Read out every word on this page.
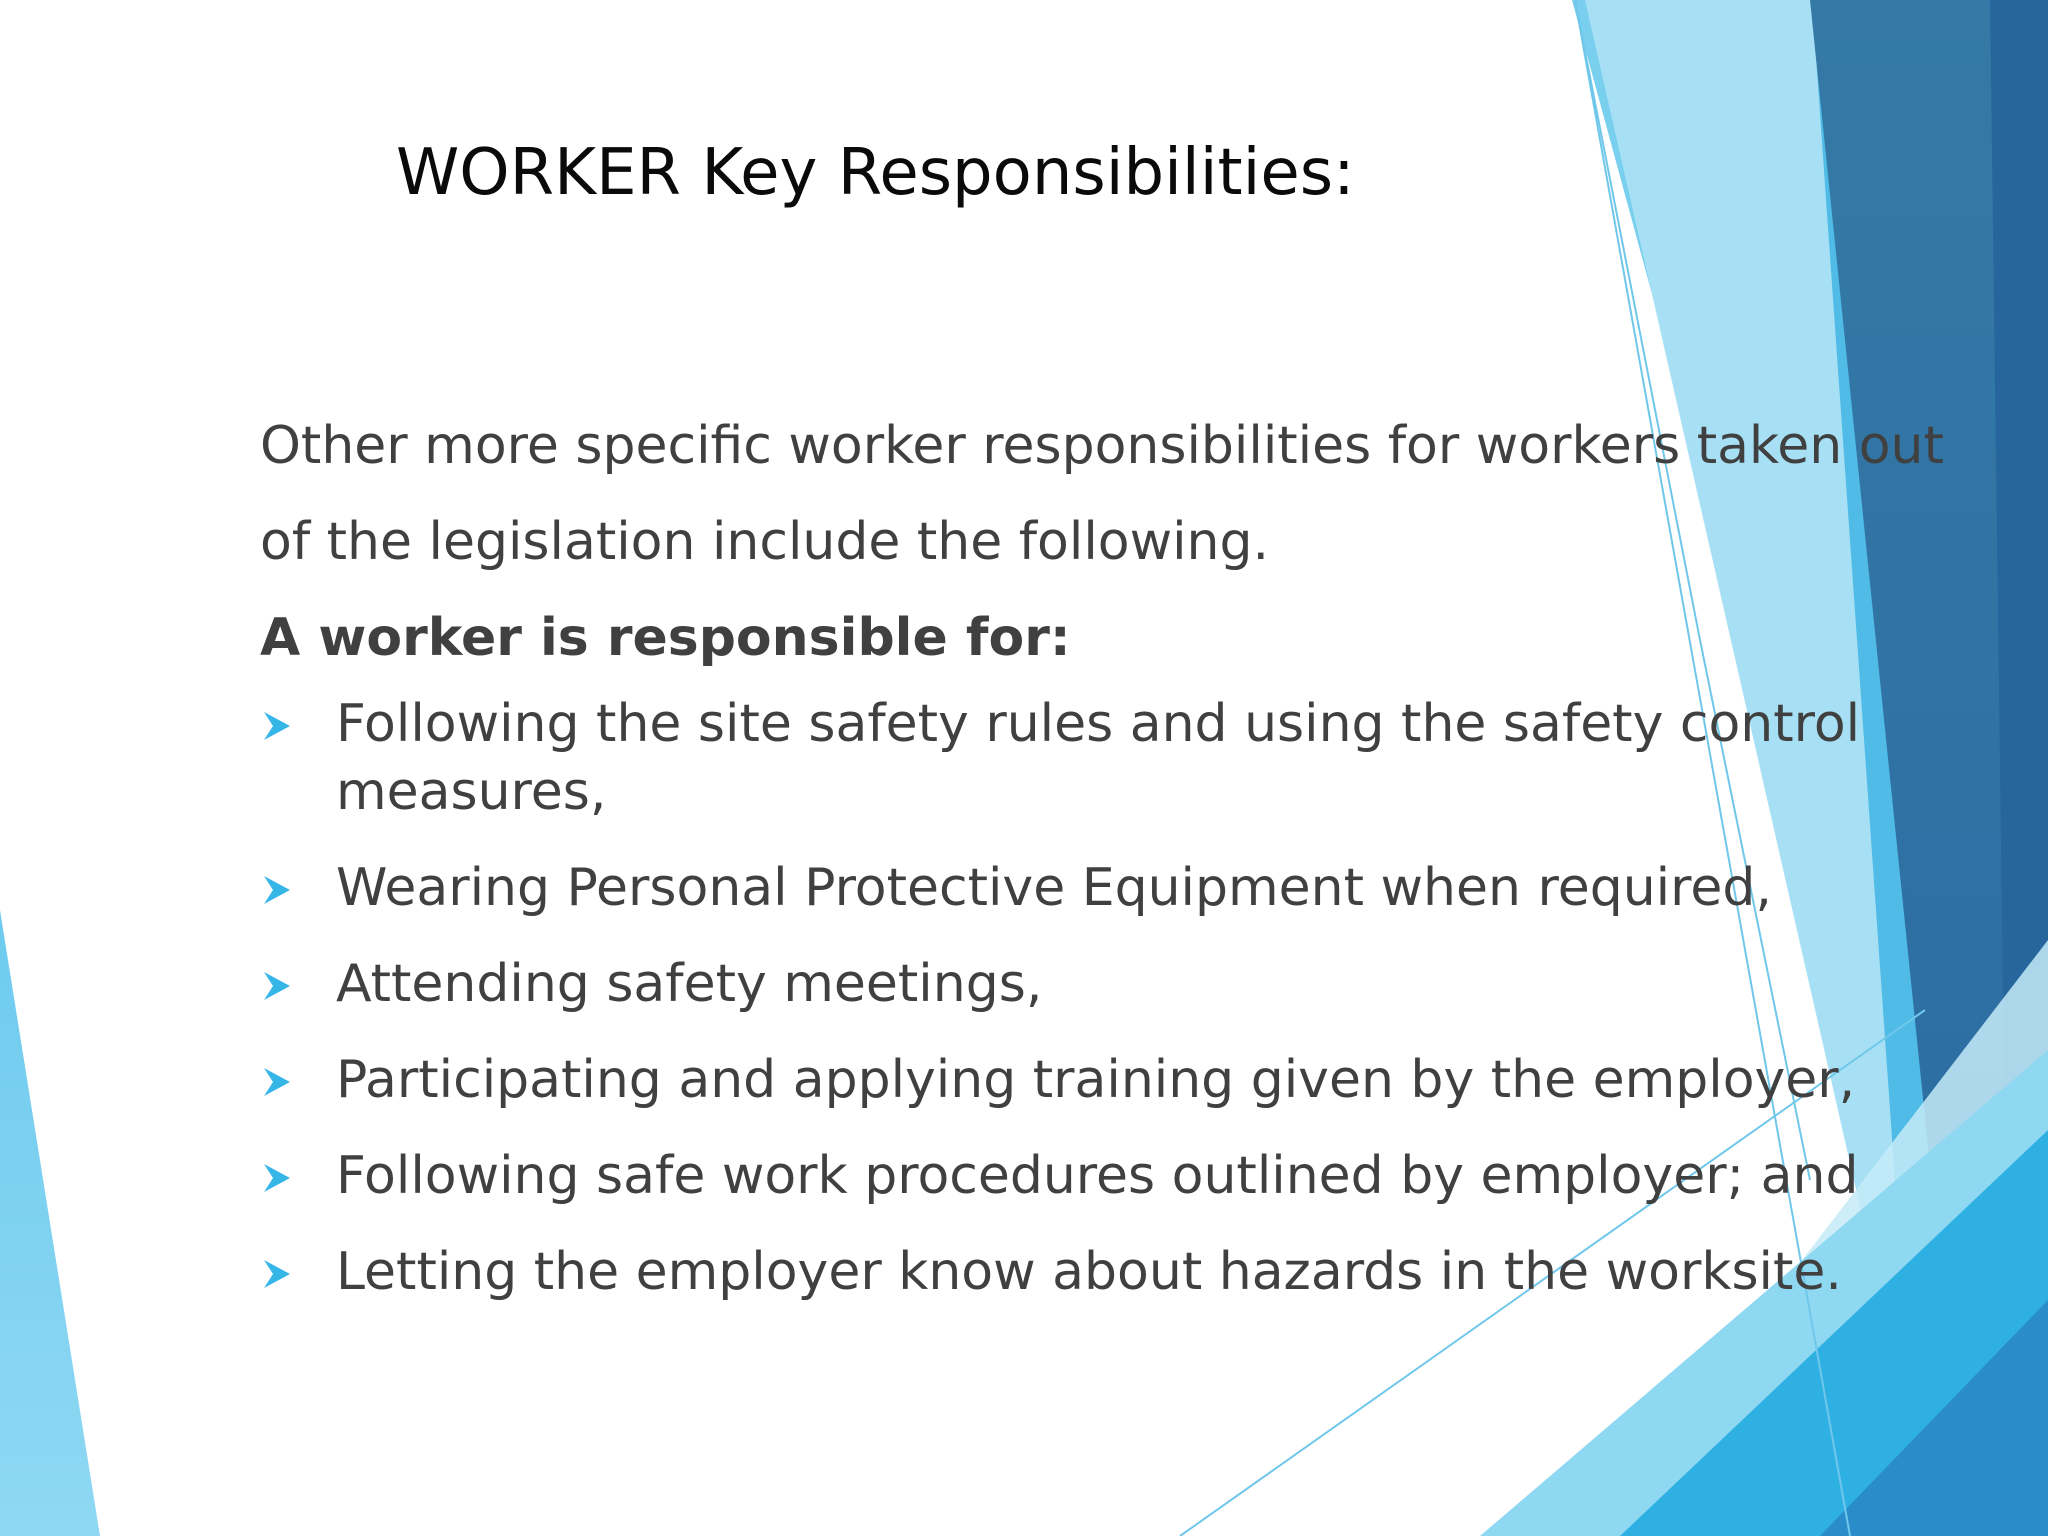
WORKER Key Responsibilities:

Other more specific worker responsibilities for workers taken out
of the legislation include the following.

A worker is responsible for:

Following the site safety rules and using the safety control measures,
Wearing Personal Protective Equipment when required,
Attending safety meetings,
Participating and applying training given by the employer,
Following safe work procedures outlined by employer; and
Letting the employer know about hazards in the worksite.
